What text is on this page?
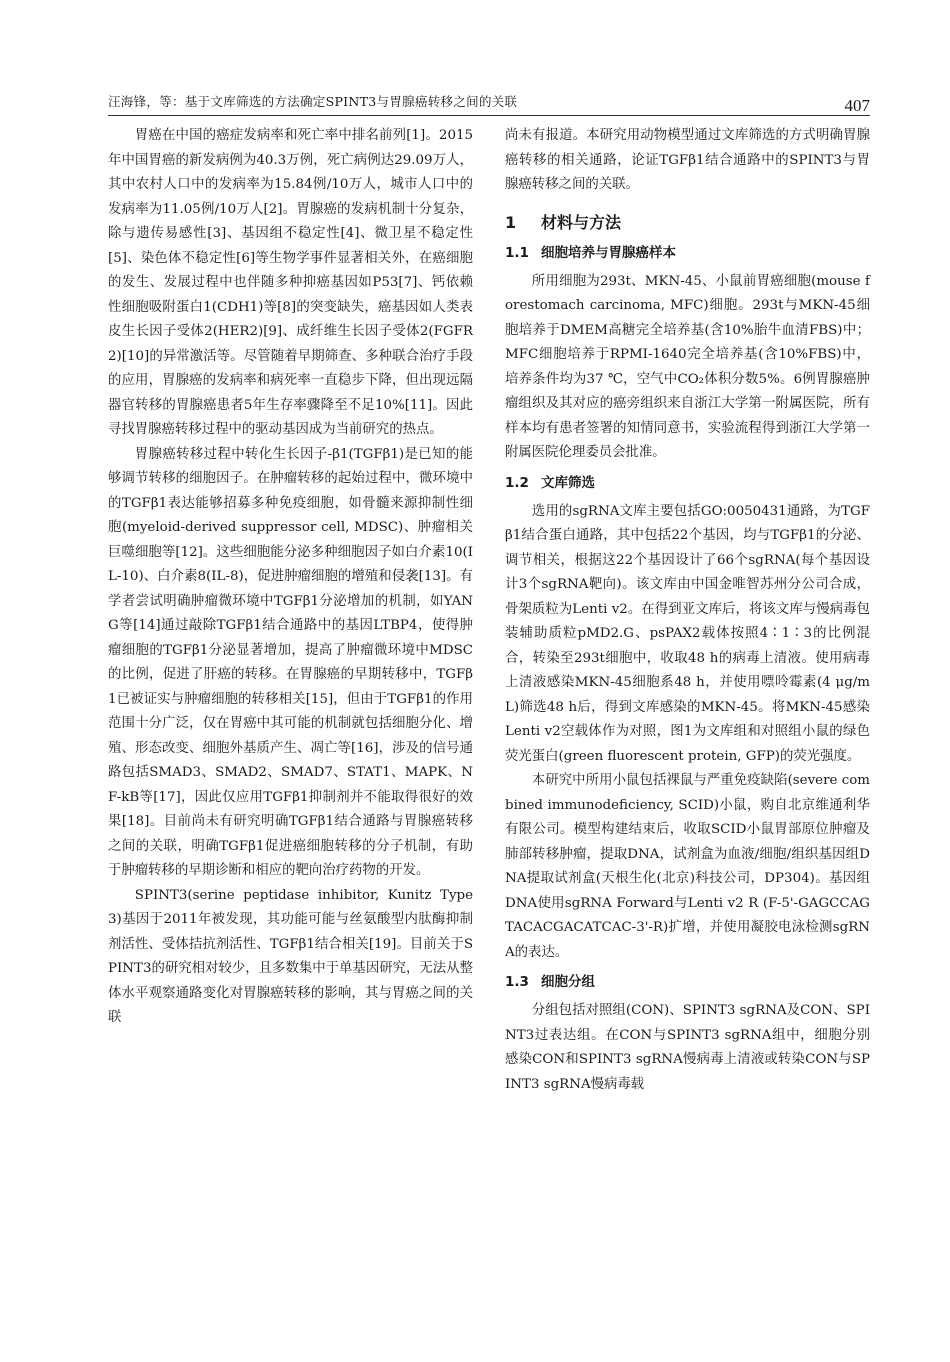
汪海锋，等：基于文库筛选的方法确定SPINT3与胃腺癌转移之间的关联	407

胃癌在中国的癌症发病率和死亡率中排名前列[1]。2015年中国胃癌的新发病例为40.3万例，死亡病例达29.09万人，其中农村人口中的发病率为15.84例/10万人，城市人口中的发病率为11.05例/10万人[2]。胃腺癌的发病机制十分复杂，除与遗传易感性[3]、基因组不稳定性[4]、微卫星不稳定性[5]、染色体不稳定性[6]等生物学事件显著相关外，在癌细胞的发生、发展过程中也伴随多种抑癌基因如P53[7]、钙依赖性细胞吸附蛋白1(CDH1)等[8]的突变缺失，癌基因如人类表皮生长因子受体2(HER2)[9]、成纤维生长因子受体2(FGFR2)[10]的异常激活等。尽管随着早期筛查、多种联合治疗手段的应用，胃腺癌的发病率和病死率一直稳步下降，但出现远隔器官转移的胃腺癌患者5年生存率骤降至不足10%[11]。因此寻找胃腺癌转移过程中的驱动基因成为当前研究的热点。

胃腺癌转移过程中转化生长因子-β1(TGFβ1)是已知的能够调节转移的细胞因子。在肿瘤转移的起始过程中，微环境中的TGFβ1表达能够招募多种免疫细胞，如骨髓来源抑制性细胞(myeloid-derived suppressor cell, MDSC)、肿瘤相关巨噬细胞等[12]。这些细胞能分泌多种细胞因子如白介素10(IL-10)、白介素8(IL-8)，促进肿瘤细胞的增殖和侵袭[13]。有学者尝试明确肿瘤微环境中TGFβ1分泌增加的机制，如YANG等[14]通过敲除TGFβ1结合通路中的基因LTBP4，使得肿瘤细胞的TGFβ1分泌显著增加，提高了肿瘤微环境中MDSC的比例，促进了肝癌的转移。在胃腺癌的早期转移中，TGFβ1已被证实与肿瘤细胞的转移相关[15]，但由于TGFβ1的作用范围十分广泛，仅在胃癌中其可能的机制就包括细胞分化、增殖、形态改变、细胞外基质产生、凋亡等[16]，涉及的信号通路包括SMAD3、SMAD2、SMAD7、STAT1、MAPK、NF-kB等[17]，因此仅应用TGFβ1抑制剂并不能取得很好的效果[18]。目前尚未有研究明确TGFβ1结合通路与胃腺癌转移之间的关联，明确TGFβ1促进癌细胞转移的分子机制，有助于肿瘤转移的早期诊断和相应的靶向治疗药物的开发。

SPINT3(serine peptidase inhibitor, Kunitz Type 3)基因于2011年被发现，其功能可能与丝氨酸型内肽酶抑制剂活性、受体拮抗剂活性、TGFβ1结合相关[19]。目前关于SPINT3的研究相对较少，且多数集中于单基因研究，无法从整体水平观察通路变化对胃腺癌转移的影响，其与胃癌之间的关联

尚未有报道。本研究用动物模型通过文库筛选的方式明确胃腺癌转移的相关通路，论证TGFβ1结合通路中的SPINT3与胃腺癌转移之间的关联。

1 材料与方法
1.1 细胞培养与胃腺癌样本

所用细胞为293t、MKN-45、小鼠前胃癌细胞(mouse forestomach carcinoma, MFC)细胞。293t与MKN-45细胞培养于DMEM高糖完全培养基(含10%胎牛血清FBS)中；MFC细胞培养于RPMI-1640完全培养基(含10%FBS)中，培养条件均为37 ℃，空气中CO₂体积分数5%。6例胃腺癌肿瘤组织及其对应的癌旁组织来自浙江大学第一附属医院，所有样本均有患者签署的知情同意书，实验流程得到浙江大学第一附属医院伦理委员会批准。

1.2 文库筛选

选用的sgRNA文库主要包括GO:0050431通路，为TGFβ1结合蛋白通路，其中包括22个基因，均与TGFβ1的分泌、调节相关，根据这22个基因设计了66个sgRNA(每个基因设计3个sgRNA靶向)。该文库由中国金唯智苏州分公司合成，骨架质粒为Lenti v2。在得到亚文库后，将该文库与慢病毒包装辅助质粒pMD2.G、psPAX2载体按照4∶1∶3的比例混合，转染至293t细胞中，收取48 h的病毒上清液。使用病毒上清液感染MKN-45细胞系48 h，并使用嘌呤霉素(4 μg/mL)筛选48 h后，得到文库感染的MKN-45。将MKN-45感染Lenti v2空载体作为对照，图1为文库组和对照组小鼠的绿色荧光蛋白(green fluorescent protein, GFP)的荧光强度。

本研究中所用小鼠包括裸鼠与严重免疫缺陷(severe combined immunodeficiency, SCID)小鼠，购自北京维通利华有限公司。模型构建结束后，收取SCID小鼠胃部原位肿瘤及肺部转移肿瘤，提取DNA，试剂盒为血液/细胞/组织基因组DNA提取试剂盒(天根生化(北京)科技公司，DP304)。基因组DNA使用sgRNA Forward与Lenti v2 R (F-5'-GAGCCAGTACACGACATCAC-3'-R)扩增，并使用凝胶电泳检测sgRNA的表达。

1.3 细胞分组

分组包括对照组(CON)、SPINT3 sgRNA及CON、SPINT3过表达组。在CON与SPINT3 sgRNA组中，细胞分别感染CON和SPINT3 sgRNA慢病毒上清液或转染CON与SPINT3 sgRNA慢病毒载
